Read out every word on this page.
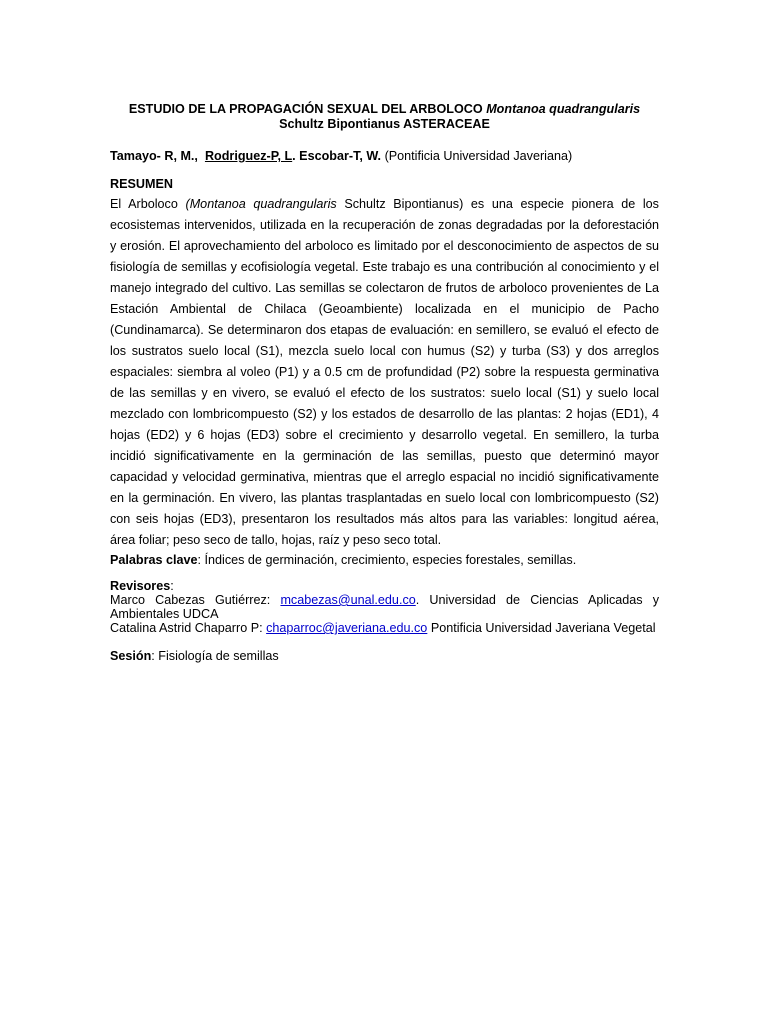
ESTUDIO DE LA PROPAGACIÓN SEXUAL DEL ARBOLOCO Montanoa quadrangularis
Schultz Bipontianus ASTERACEAE
Tamayo- R, M., Rodriguez-P, L. Escobar-T, W. (Pontificia Universidad Javeriana)
RESUMEN

El Arboloco (Montanoa quadrangularis Schultz Bipontianus) es una especie pionera de los ecosistemas intervenidos, utilizada en la recuperación de zonas degradadas por la deforestación y erosión. El aprovechamiento del arboloco es limitado por el desconocimiento de aspectos de su fisiología de semillas y ecofisiología vegetal. Este trabajo es una contribución al conocimiento y el manejo integrado del cultivo. Las semillas se colectaron de frutos de arboloco provenientes de La Estación Ambiental de Chilaca (Geoambiente) localizada en el municipio de Pacho (Cundinamarca). Se determinaron dos etapas de evaluación: en semillero, se evaluó el efecto de los sustratos suelo local (S1), mezcla suelo local con humus (S2) y turba (S3) y dos arreglos espaciales: siembra al voleo (P1) y a 0.5 cm de profundidad (P2) sobre la respuesta germinativa de las semillas y en vivero, se evaluó el efecto de los sustratos: suelo local (S1) y suelo local mezclado con lombricompuesto (S2) y los estados de desarrollo de las plantas: 2 hojas (ED1), 4 hojas (ED2) y 6 hojas (ED3) sobre el crecimiento y desarrollo vegetal. En semillero, la turba incidió significativamente en la germinación de las semillas, puesto que determinó mayor capacidad y velocidad germinativa, mientras que el arreglo espacial no incidió significativamente en la germinación. En vivero, las plantas trasplantadas en suelo local con lombricompuesto (S2) con seis hojas (ED3), presentaron los resultados más altos para las variables: longitud aérea, área foliar; peso seco de tallo, hojas, raíz y peso seco total.

Palabras clave: Índices de germinación, crecimiento, especies forestales, semillas.

Revisores:

Marco Cabezas Gutiérrez: mcabezas@unal.edu.co. Universidad de Ciencias Aplicadas y Ambientales UDCA

Catalina Astrid Chaparro P: chaparroc@javeriana.edu.co Pontificia Universidad Javeriana Vegetal

Sesión: Fisiología de semillas
